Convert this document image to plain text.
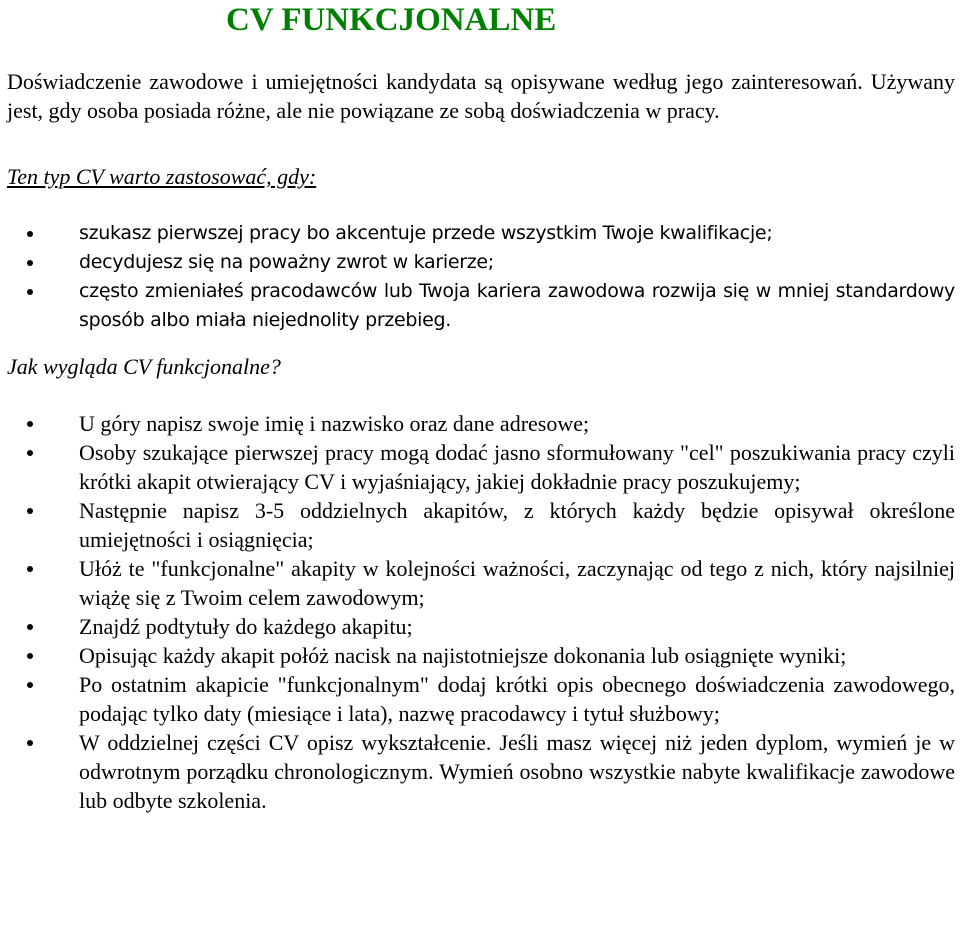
CV FUNKCJONALNE

Doświadczenie zawodowe i umiejętności kandydata są opisywane według jego zainteresowań. Używany jest, gdy osoba posiada różne, ale nie powiązane ze sobą doświadczenia w pracy.

Ten typ CV warto zastosować, gdy:

szukasz pierwszej pracy bo akcentuje przede wszystkim Twoje kwalifikacje;
decydujesz się na poważny zwrot w karierze;
często zmieniałeś pracodawców lub Twoja kariera zawodowa rozwija się w mniej standardowy sposób albo miała niejednolity przebieg.

Jak wygląda CV funkcjonalne?

U góry napisz swoje imię i nazwisko oraz dane adresowe;
Osoby szukające pierwszej pracy mogą dodać jasno sformułowany "cel" poszukiwania pracy czyli krótki akapit otwierający CV i wyjaśniający, jakiej dokładnie pracy poszukujemy;
Następnie napisz 3-5 oddzielnych akapitów, z których każdy będzie opisywał określone umiejętności i osiągnięcia;
Ułóż te "funkcjonalne" akapity w kolejności ważności, zaczynając od tego z nich, który najsilniej wiążę się z Twoim celem zawodowym;
Znajdź podtytuły do każdego akapitu;
Opisując każdy akapit połóż nacisk na najistotniejsze dokonania lub osiągnięte wyniki;
Po ostatnim akapicie "funkcjonalnym" dodaj krótki opis obecnego doświadczenia zawodowego, podając tylko daty (miesiące i lata), nazwę pracodawcy i tytuł służbowy;
W oddzielnej części CV opisz wykształcenie. Jeśli masz więcej niż jeden dyplom, wymień je w odwrotnym porządku chronologicznym. Wymień osobno wszystkie nabyte kwalifikacje zawodowe lub odbyte szkolenia.
